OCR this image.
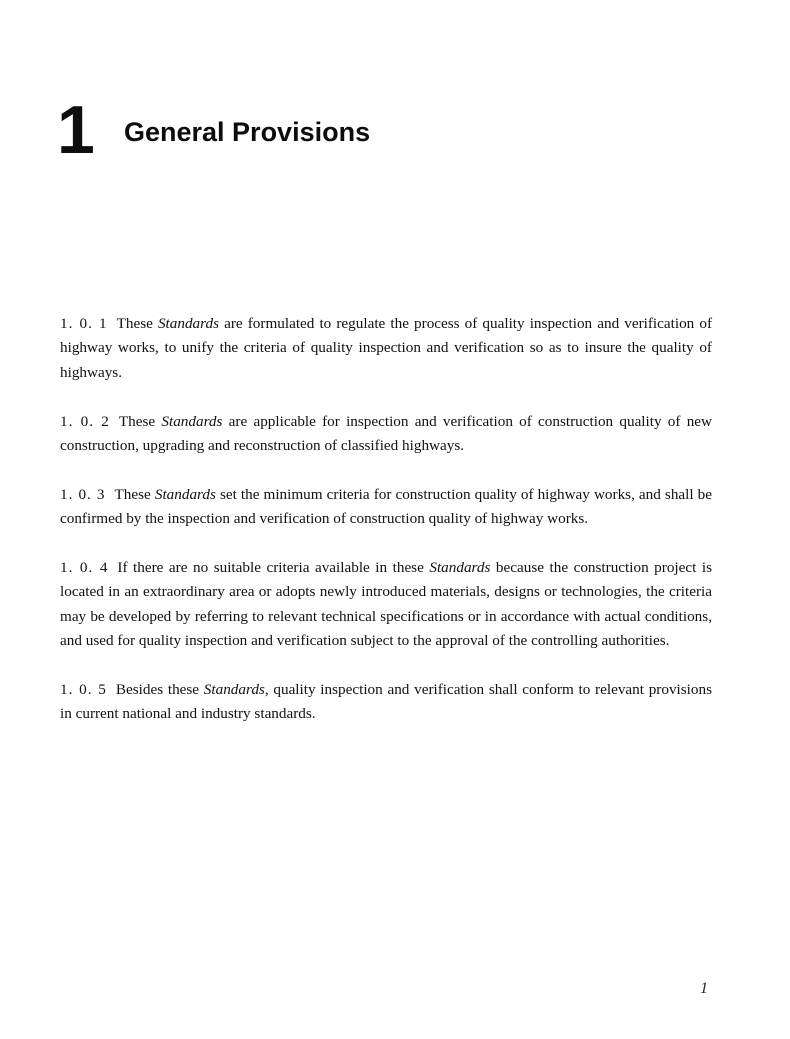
1 General Provisions

1. 0. 1 These Standards are formulated to regulate the process of quality inspection and verification of highway works, to unify the criteria of quality inspection and verification so as to insure the quality of highways.

1. 0. 2 These Standards are applicable for inspection and verification of construction quality of new construction, upgrading and reconstruction of classified highways.

1. 0. 3 These Standards set the minimum criteria for construction quality of highway works, and shall be confirmed by the inspection and verification of construction quality of highway works.

1. 0. 4 If there are no suitable criteria available in these Standards because the construction project is located in an extraordinary area or adopts newly introduced materials, designs or technologies, the criteria may be developed by referring to relevant technical specifications or in accordance with actual conditions, and used for quality inspection and verification subject to the approval of the controlling authorities.

1. 0. 5 Besides these Standards, quality inspection and verification shall conform to relevant provisions in current national and industry standards.

1
